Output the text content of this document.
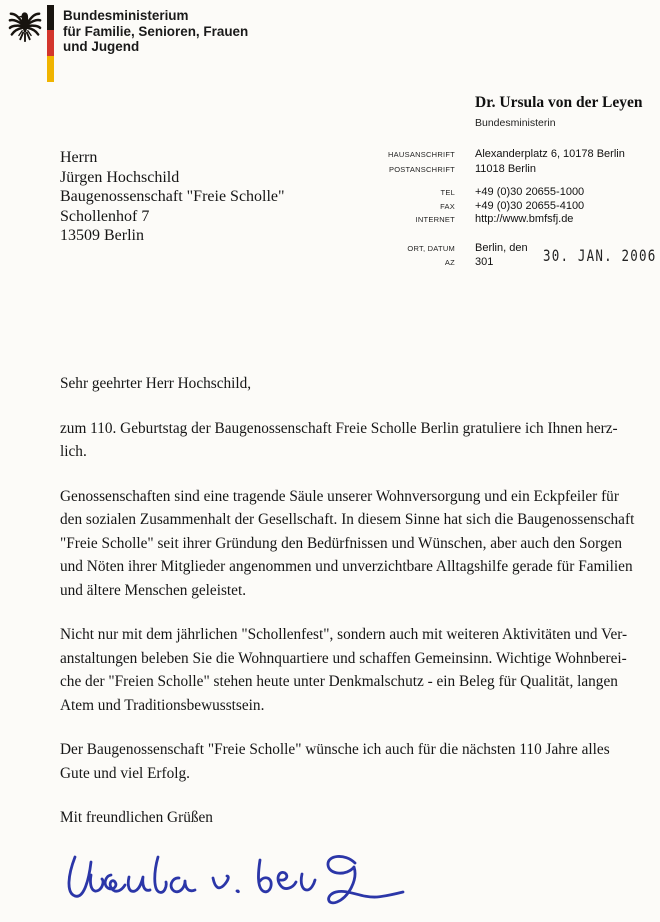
Bundesministerium
für Familie, Senioren, Frauen
und Jugend
Dr. Ursula von der Leyen
Bundesministerin
HAUSANSCHRIFT Alexanderplatz 6, 10178 Berlin
POSTANSCHRIFT 11018 Berlin
TEL +49 (0)30 20655-1000
FAX +49 (0)30 20655-4100
INTERNET http://www.bmfsfj.de
ORT, DATUM Berlin, den
AZ 301	30. JAN. 2006
Herrn
Jürgen Hochschild
Baugenossenschaft "Freie Scholle"
Schollenhof 7
13509 Berlin
Sehr geehrter Herr Hochschild,
zum 110. Geburtstag der Baugenossenschaft Freie Scholle Berlin gratuliere ich Ihnen herz-
lich.
Genossenschaften sind eine tragende Säule unserer Wohnversorgung und ein Eckpfeiler für
den sozialen Zusammenhalt der Gesellschaft. In diesem Sinne hat sich die Baugenossenschaft
"Freie Scholle" seit ihrer Gründung den Bedürfnissen und Wünschen, aber auch den Sorgen
und Nöten ihrer Mitglieder angenommen und unverzichtbare Alltagshilfe gerade für Familien
und ältere Menschen geleistet.
Nicht nur mit dem jährlichen "Schollenfest", sondern auch mit weiteren Aktivitäten und Ver-
anstaltungen beleben Sie die Wohnquartiere und schaffen Gemeinsinn. Wichtige Wohnberei-
che der "Freien Scholle" stehen heute unter Denkmalschutz - ein Beleg für Qualität, langen
Atem und Traditionsbewusstsein.
Der Baugenossenschaft "Freie Scholle" wünsche ich auch für die nächsten 110 Jahre alles
Gute und viel Erfolg.
Mit freundlichen Grüßen
